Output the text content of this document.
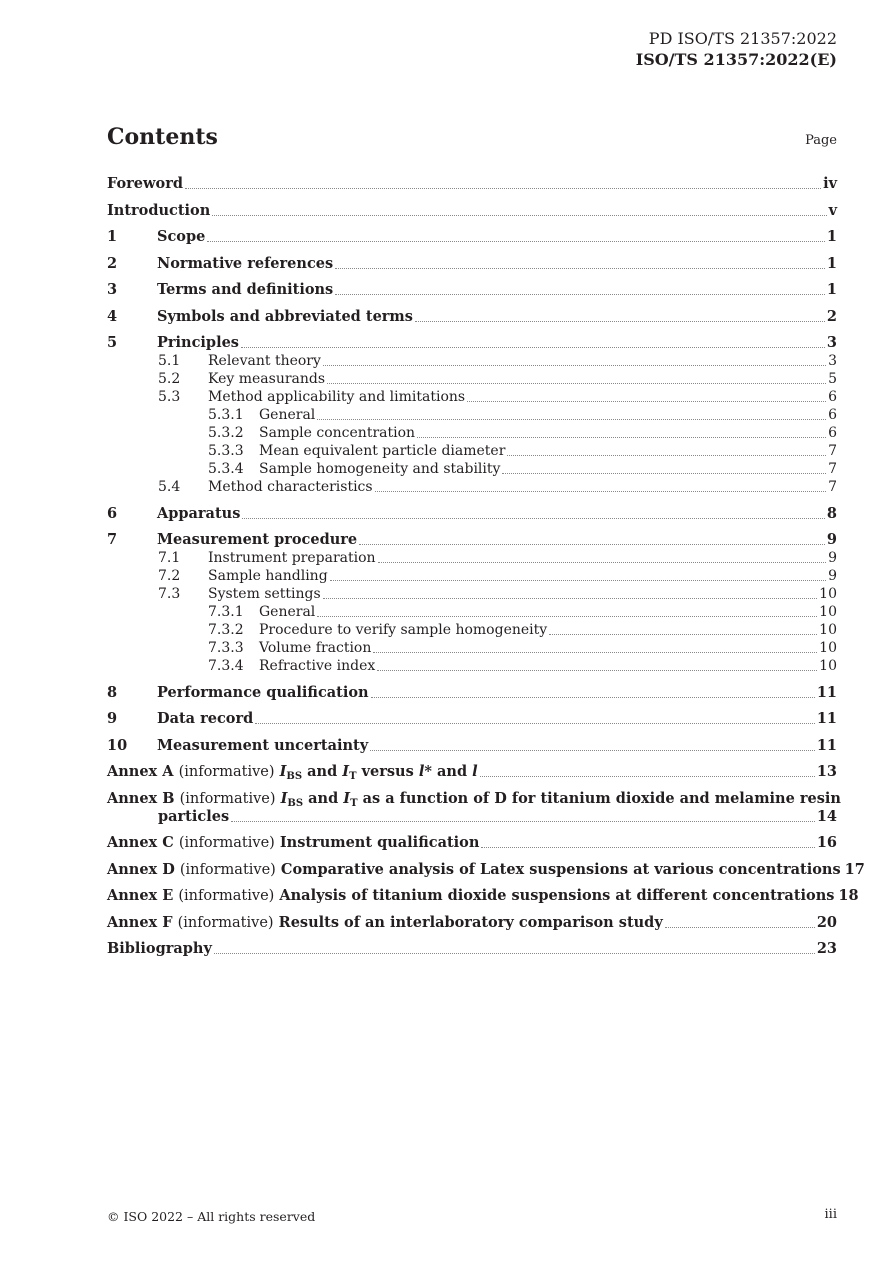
PD ISO/TS 21357:2022
ISO/TS 21357:2022(E)
Contents	Page
Foreword	iv
Introduction	v
1	Scope	1
2	Normative references	1
3	Terms and definitions	1
4	Symbols and abbreviated terms	2
5	Principles	3
5.1	Relevant theory	3
5.2	Key measurands	5
5.3	Method applicability and limitations	6
5.3.1	General	6
5.3.2	Sample concentration	6
5.3.3	Mean equivalent particle diameter	7
5.3.4	Sample homogeneity and stability	7
5.4	Method characteristics	7
6	Apparatus	8
7	Measurement procedure	9
7.1	Instrument preparation	9
7.2	Sample handling	9
7.3	System settings	10
7.3.1	General	10
7.3.2	Procedure to verify sample homogeneity	10
7.3.3	Volume fraction	10
7.3.4	Refractive index	10
8	Performance qualification	11
9	Data record	11
10	Measurement uncertainty	11
Annex A (informative) $I_{BS}$ and $I_T$ versus l* and l	13
Annex B (informative) $I_{BS}$ and $I_T$ as a function of D for titanium dioxide and melamine resin
particles	14
Annex C (informative) Instrument qualification	16
Annex D (informative) Comparative analysis of Latex suspensions at various concentrations 17
Annex E (informative) Analysis of titanium dioxide suspensions at different concentrations 18
Annex F (informative) Results of an interlaboratory comparison study	20
Bibliography	23
© ISO 2022 – All rights reserved	iii
